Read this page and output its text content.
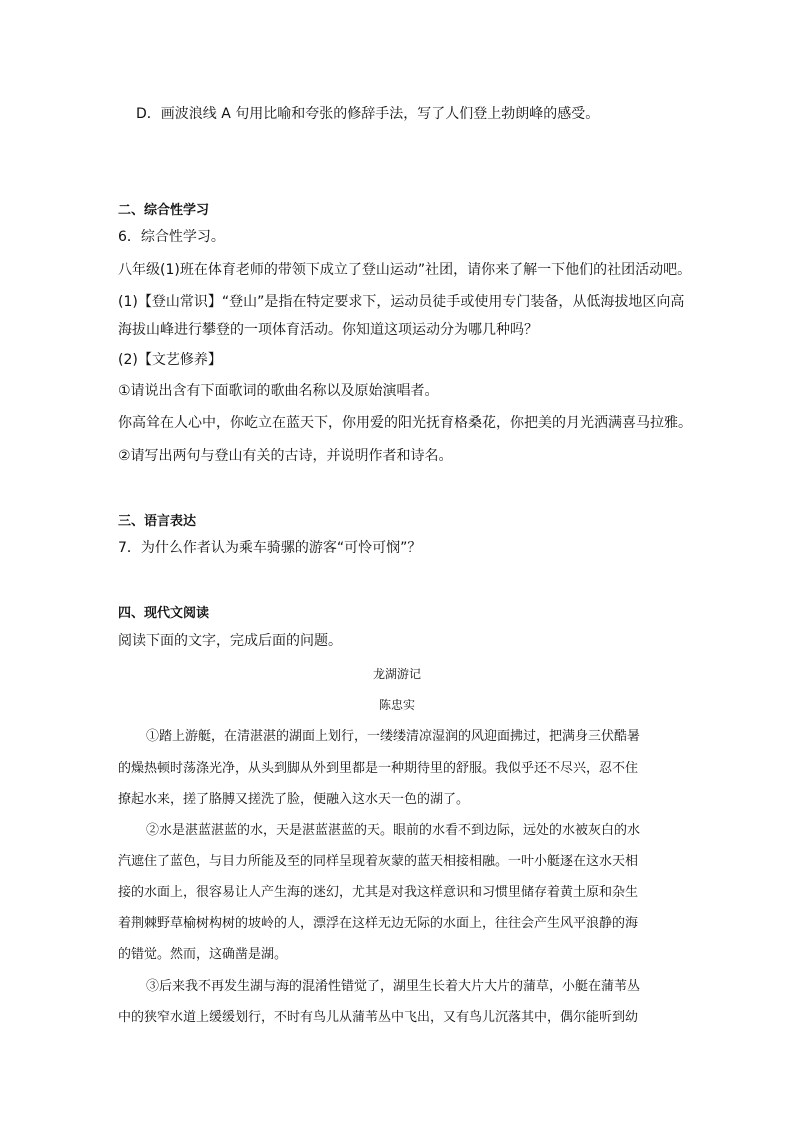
D．画波浪线 A 句用比喻和夸张的修辞手法，写了人们登上勃朗峰的感受。
二、综合性学习
6．综合性学习。
八年级(1)班在体育老师的带领下成立了登山运动”社团，请你来了解一下他们的社团活动吧。
(1)【登山常识】“登山”是指在特定要求下，运动员徒手或使用专门装备，从低海拔地区向高
海拔山峰进行攀登的一项体育活动。你知道这项运动分为哪几种吗？
(2)【文艺修养】
①请说出含有下面歌词的歌曲名称以及原始演唱者。
你高耸在人心中，你屹立在蓝天下，你用爱的阳光抚育格桑花，你把美的月光洒满喜马拉雅。
②请写出两句与登山有关的古诗，并说明作者和诗名。
三、语言表达
7．为什么作者认为乘车骑骡的游客“可怜可悯”？
四、现代文阅读
阅读下面的文字，完成后面的问题。
龙湖游记
陈忠实
①踏上游艇，在清湛湛的湖面上划行，一缕缕清凉湿润的风迎面拂过，把满身三伏酷暑
的燥热顿时荡涤光净，从头到脚从外到里都是一种期待里的舒服。我似乎还不尽兴，忍不住
撩起水来，搓了胳膊又搓洗了脸，便融入这水天一色的湖了。
②水是湛蓝湛蓝的水，天是湛蓝湛蓝的天。眼前的水看不到边际，远处的水被灰白的水
汽遮住了蓝色，与目力所能及至的同样呈现着灰蒙的蓝天相接相融。一叶小艇逐在这水天相
接的水面上，很容易让人产生海的迷幻，尤其是对我这样意识和习惯里储存着黄土原和杂生
着荆棘野草榆树构树的坡岭的人，漂浮在这样无边无际的水面上，往往会产生风平浪静的海
的错觉。然而，这确凿是湖。
③后来我不再发生湖与海的混淆性错觉了，湖里生长着大片大片的蒲草，小艇在蒲苇丛
中的狭窄水道上缓缓划行，不时有鸟儿从蒲苇丛中飞出，又有鸟儿沉落其中，偶尔能听到幼
